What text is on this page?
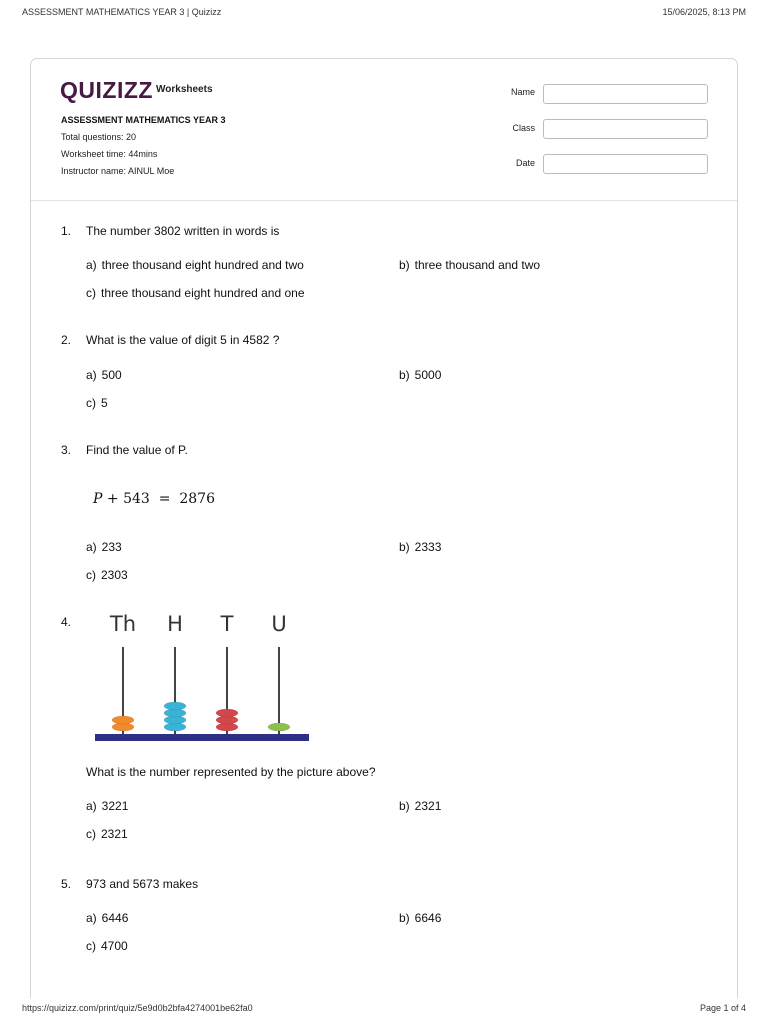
ASSESSMENT MATHEMATICS YEAR 3 | Quizizz	15/06/2025, 8:13 PM
QUIZIZZ Worksheets
ASSESSMENT MATHEMATICS YEAR 3
Total questions: 20
Worksheet time: 44mins
Instructor name: AINUL Moe
Name
Class
Date
1. The number 3802 written in words is
a) three thousand eight hundred and two	b) three thousand and two
c) three thousand eight hundred and one
2. What is the value of digit 5 in 4582 ?
a) 500	b) 5000
c) 5
3. Find the value of P.
P + 543 = 2876
a) 233	b) 2333
c) 2303
4. Th H T U
What is the number represented by the picture above?
a) 3221	b) 2321
c) 2321
5. 973 and 5673 makes
a) 6446	b) 6646
c) 4700
https://quizizz.com/print/quiz/5e9d0b2bfa4274001be62fa0	Page 1 of 4
